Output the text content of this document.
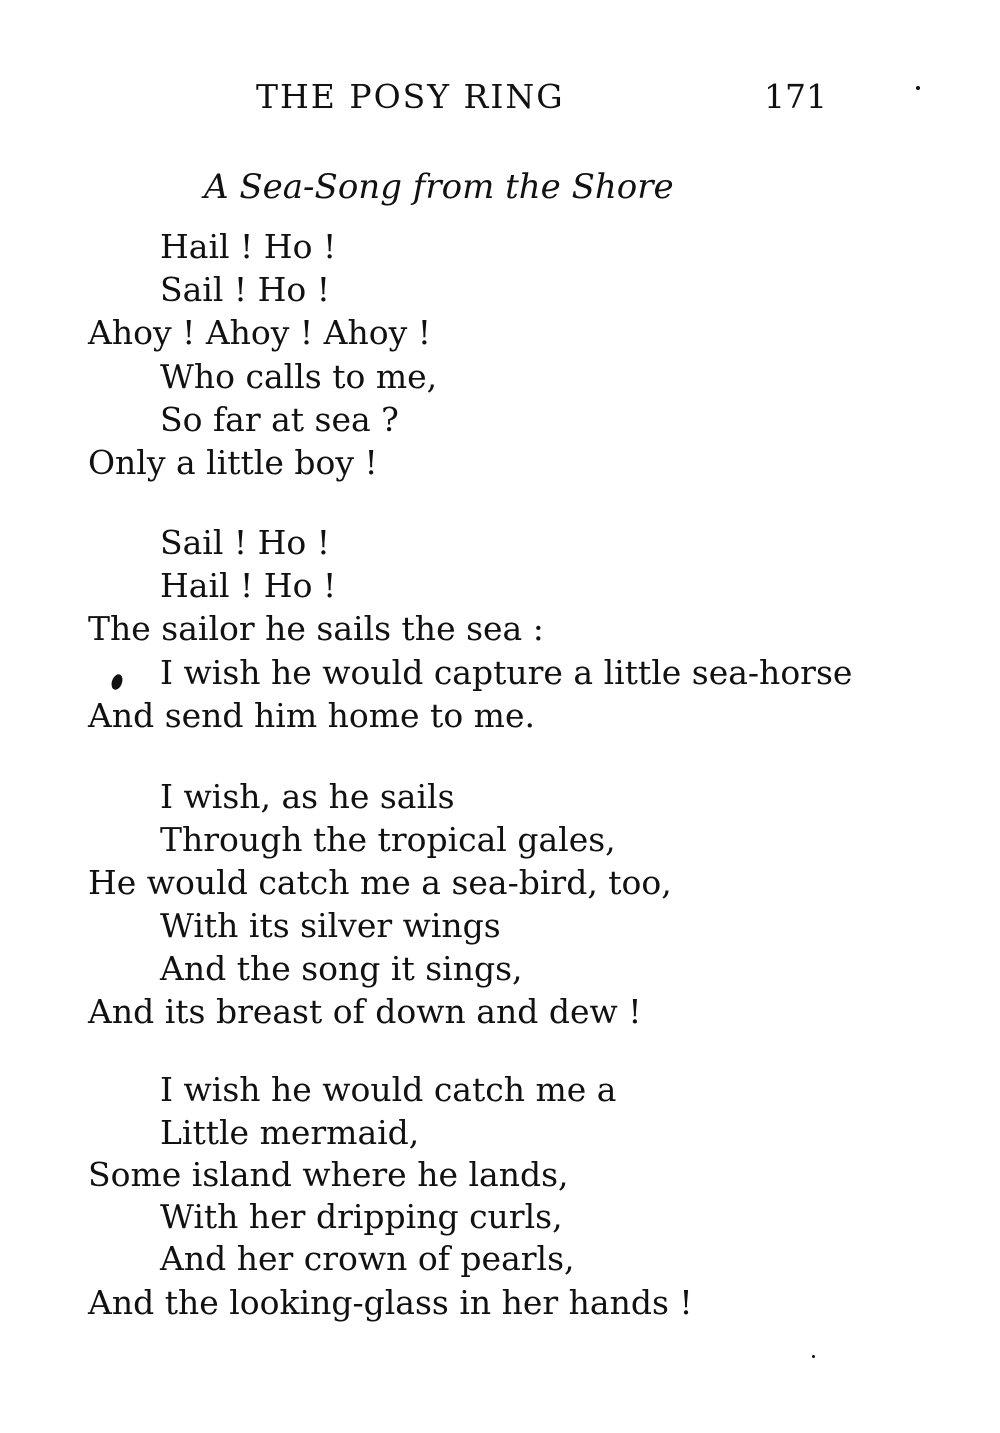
THE POSY RING	171
A Sea-Song from the Shore
Hail ! Ho !
Sail ! Ho !
Ahoy ! Ahoy ! Ahoy !
Who calls to me,
So far at sea ?
Only a little boy !
Sail ! Ho !
Hail ! Ho !
The sailor he sails the sea :
I wish he would capture a little sea-horse
And send him home to me.
I wish, as he sails
Through the tropical gales,
He would catch me a sea-bird, too,
With its silver wings
And the song it sings,
And its breast of down and dew !
I wish he would catch me a
Little mermaid,
Some island where he lands,
With her dripping curls,
And her crown of pearls,
And the looking-glass in her hands !
